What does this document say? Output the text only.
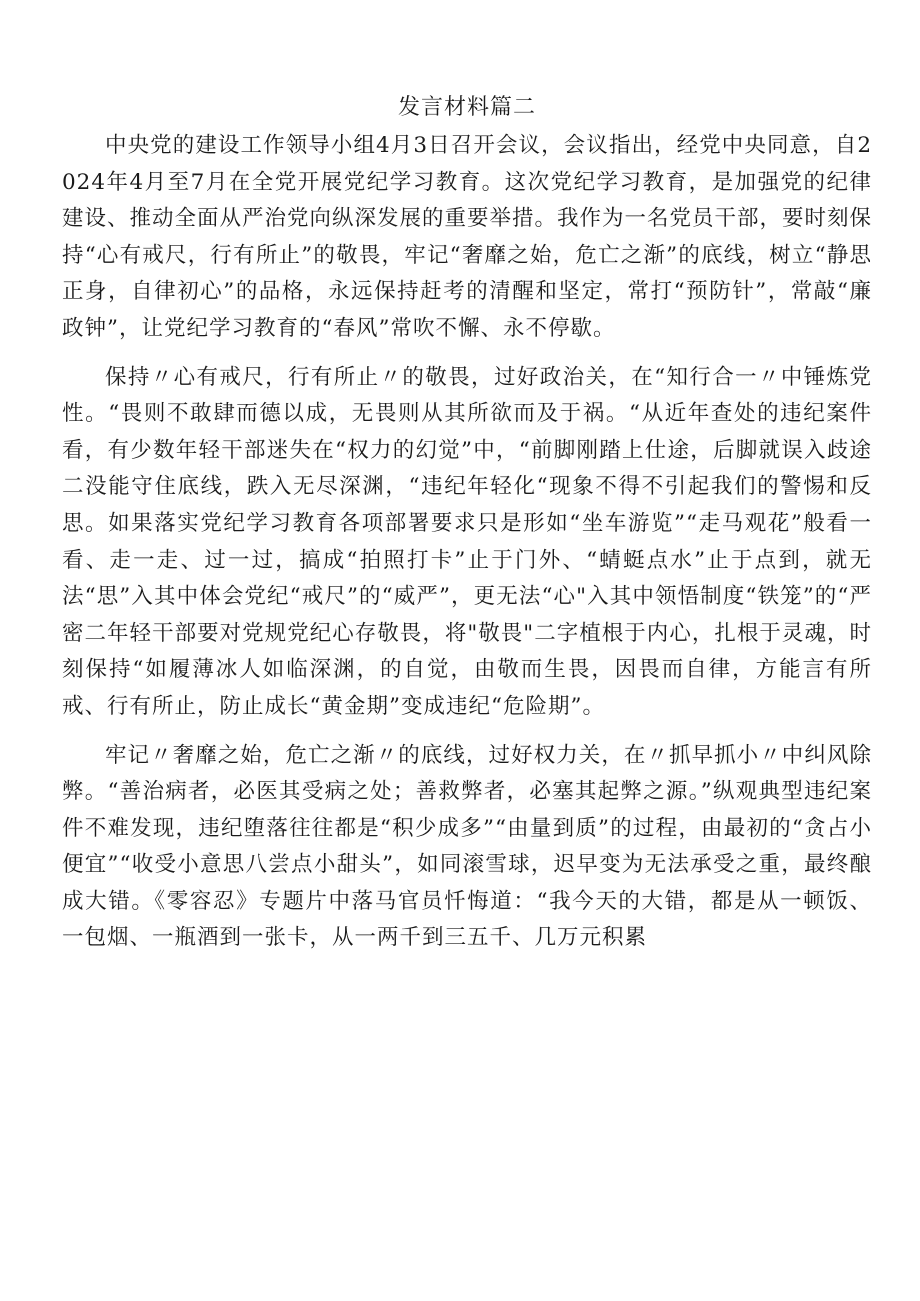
发言材料篇二

中央党的建设工作领导小组4月3日召开会议，会议指出，经党中央同意，自2024年4月至7月在全党开展党纪学习教育。这次党纪学习教育，是加强党的纪律建设、推动全面从严治党向纵深发展的重要举措。我作为一名党员干部，要时刻保持“心有戒尺，行有所止”的敬畏，牢记“奢靡之始，危亡之渐”的底线，树立“静思正身，自律初心”的品格，永远保持赶考的清醒和坚定，常打“预防针”，常敲“廉政钟”，让党纪学习教育的“春风”常吹不懈、永不停歇。

保持〃心有戒尺，行有所止〃的敬畏，过好政治关，在“知行合一〃中锤炼党性。“畏则不敢肆而德以成，无畏则从其所欲而及于祸。“从近年查处的违纪案件看，有少数年轻干部迷失在“权力的幻觉”中，“前脚刚踏上仕途，后脚就误入歧途二没能守住底线，跌入无尽深渊，“违纪年轻化“现象不得不引起我们的警惕和反思。如果落实党纪学习教育各项部署要求只是形如“坐车游览”“走马观花”般看一看、走一走、过一过，搞成“拍照打卡”止于门外、“蜻蜓点水”止于点到，就无法“思”入其中体会党纪“戒尺”的“威严”，更无法“心"入其中领悟制度“铁笼”的“严密二年轻干部要对党规党纪心存敬畏，将"敬畏"二字植根于内心，扎根于灵魂，时刻保持“如履薄冰人如临深渊，的自觉，由敬而生畏，因畏而自律，方能言有所戒、行有所止，防止成长“黄金期”变成违纪“危险期”。

牢记〃奢靡之始，危亡之渐〃的底线，过好权力关，在〃抓早抓小〃中纠风除弊。“善治病者，必医其受病之处；善救弊者，必塞其起弊之源。”纵观典型违纪案件不难发现，违纪堕落往往都是“积少成多”“由量到质”的过程，由最初的“贪占小便宜”“收受小意思八尝点小甜头”，如同滚雪球，迟早变为无法承受之重，最终酿成大错。《零容忍》专题片中落马官员忏悔道：“我今天的大错，都是从一顿饭、一包烟、一瓶酒到一张卡，从一两千到三五千、几万元积累
